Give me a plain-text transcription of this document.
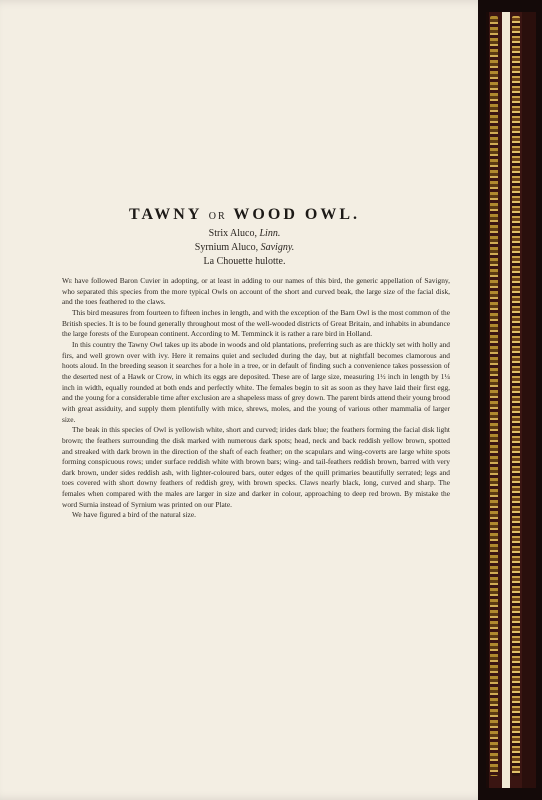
TAWNY OR WOOD OWL.
Strix Aluco, Linn.
Syrnium Aluco, Savigny.
La Chouette hulotte.

We have followed Baron Cuvier in adopting, or at least in adding to our names of this bird, the generic appellation of Savigny, who separated this species from the more typical Owls on account of the short and curved beak, the large size of the facial disk, and the toes feathered to the claws.

This bird measures from fourteen to fifteen inches in length, and with the exception of the Barn Owl is the most common of the British species. It is to be found generally throughout most of the well-wooded districts of Great Britain, and inhabits in abundance the large forests of the European continent. According to M. Temminck it is rather a rare bird in Holland.

In this country the Tawny Owl takes up its abode in woods and old plantations, preferring such as are thickly set with holly and firs, and well grown over with ivy. Here it remains quiet and secluded during the day, but at nightfall becomes clamorous and hoots aloud. In the breeding season it searches for a hole in a tree, or in default of finding such a convenience takes possession of the deserted nest of a Hawk or Crow, in which its eggs are deposited. These are of large size, measuring 1½ inch in length by 1¼ inch in width, equally rounded at both ends and perfectly white. The females begin to sit as soon as they have laid their first egg, and the young for a considerable time after exclusion are a shapeless mass of grey down. The parent birds attend their young brood with great assiduity, and supply them plentifully with mice, shrews, moles, and the young of various other mammalia of larger size.

The beak in this species of Owl is yellowish white, short and curved; irides dark blue; the feathers forming the facial disk light brown; the feathers surrounding the disk marked with numerous dark spots; head, neck and back reddish yellow brown, spotted and streaked with dark brown in the direction of the shaft of each feather; on the scapulars and wing-coverts are large white spots forming conspicuous rows; under surface reddish white with brown bars; wing- and tail-feathers reddish brown, barred with very dark brown, under sides reddish ash, with lighter-coloured bars, outer edges of the quill primaries beautifully serrated; legs and toes covered with short downy feathers of reddish grey, with brown specks. Claws nearly black, long, curved and sharp. The females when compared with the males are larger in size and darker in colour, approaching to deep red brown. By mistake the word Surnia instead of Syrnium was printed on our Plate.

We have figured a bird of the natural size.
